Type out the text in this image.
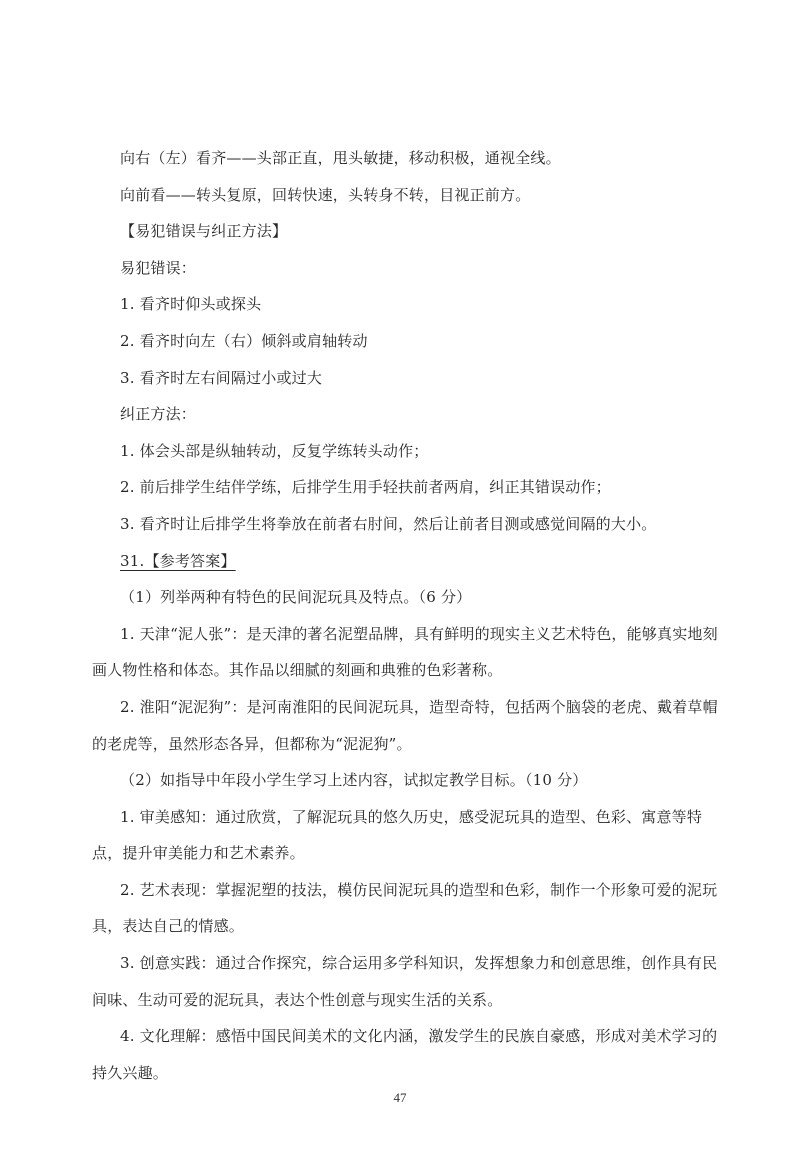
向右（左）看齐——头部正直，甩头敏捷，移动积极，通视全线。

向前看——转头复原，回转快速，头转身不转，目视正前方。

【易犯错误与纠正方法】

易犯错误：

1. 看齐时仰头或探头

2. 看齐时向左（右）倾斜或肩轴转动

3. 看齐时左右间隔过小或过大

纠正方法：

1. 体会头部是纵轴转动，反复学练转头动作；

2. 前后排学生结伴学练，后排学生用手轻扶前者两肩，纠正其错误动作；

3. 看齐时让后排学生将拳放在前者右肘间，然后让前者目测或感觉间隔的大小。

31.【参考答案】

（1）列举两种有特色的民间泥玩具及特点。（6 分）

1. 天津“泥人张”：是天津的著名泥塑品牌，具有鲜明的现实主义艺术特色，能够真实地刻画人物性格和体态。其作品以细腻的刻画和典雅的色彩著称。

2. 淮阳“泥泥狗”：是河南淮阳的民间泥玩具，造型奇特，包括两个脑袋的老虎、戴着草帽的老虎等，虽然形态各异，但都称为“泥泥狗”。

（2）如指导中年段小学生学习上述内容，试拟定教学目标。（10 分）

1. 审美感知：通过欣赏，了解泥玩具的悠久历史，感受泥玩具的造型、色彩、寓意等特点，提升审美能力和艺术素养。

2. 艺术表现：掌握泥塑的技法，模仿民间泥玩具的造型和色彩，制作一个形象可爱的泥玩具，表达自己的情感。

3. 创意实践：通过合作探究，综合运用多学科知识，发挥想象力和创意思维，创作具有民间味、生动可爱的泥玩具，表达个性创意与现实生活的关系。

4. 文化理解：感悟中国民间美术的文化内涵，激发学生的民族自豪感，形成对美术学习的持久兴趣。

47
